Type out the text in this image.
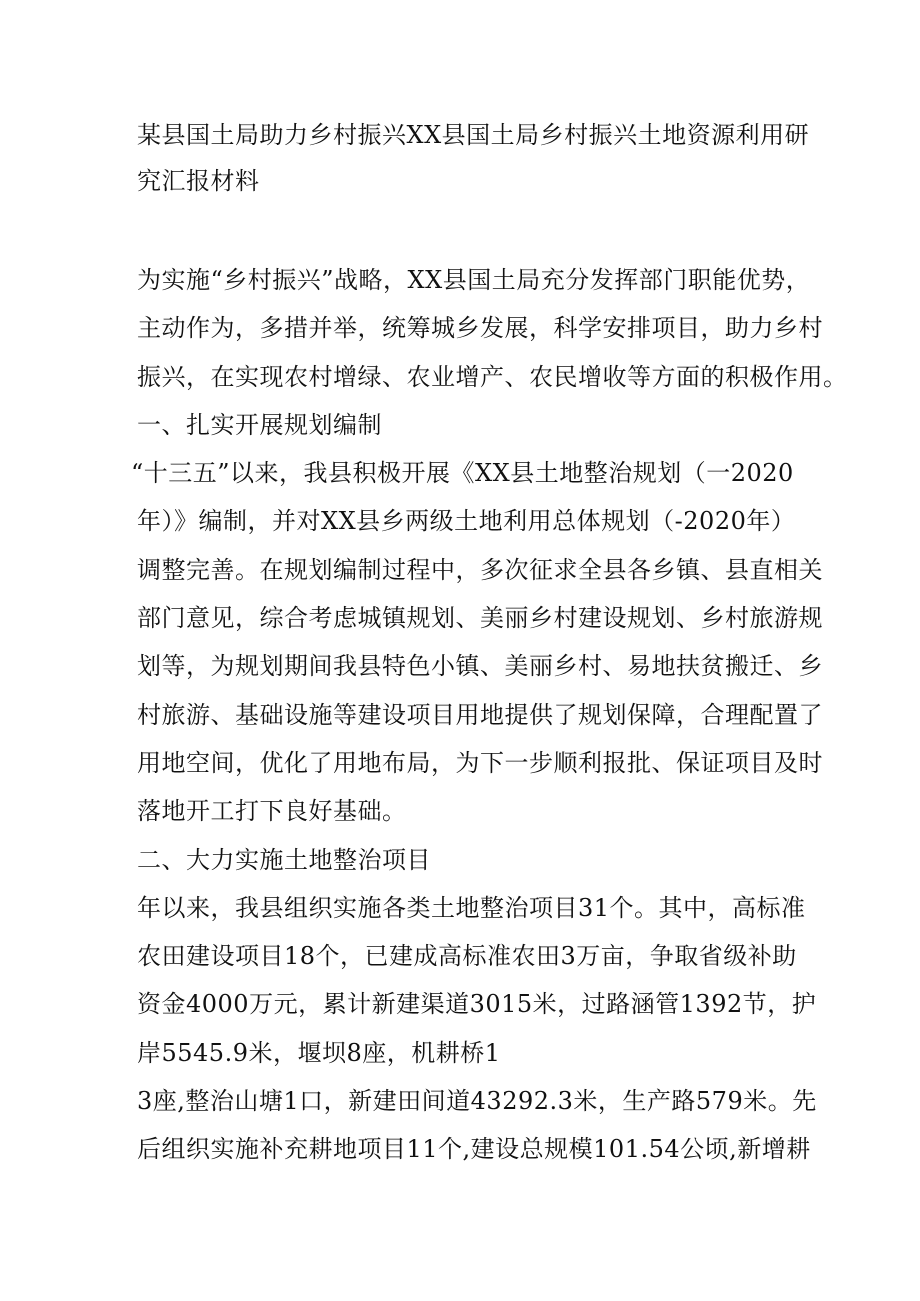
某县国土局助力乡村振兴XX县国土局乡村振兴土地资源利用研
究汇报材料
为实施“乡村振兴”战略，XX县国土局充分发挥部门职能优势，
主动作为，多措并举，统筹城乡发展，科学安排项目，助力乡村
振兴，在实现农村增绿、农业增产、农民增收等方面的积极作用。
一、扎实开展规划编制
“十三五”以来，我县积极开展《XX县土地整治规划（一2020
年）》编制，并对XX县乡两级土地利用总体规划（-2020年）
调整完善。在规划编制过程中，多次征求全县各乡镇、县直相关
部门意见，综合考虑城镇规划、美丽乡村建设规划、乡村旅游规
划等，为规划期间我县特色小镇、美丽乡村、易地扶贫搬迁、乡
村旅游、基础设施等建设项目用地提供了规划保障，合理配置了
用地空间，优化了用地布局，为下一步顺利报批、保证项目及时
落地开工打下良好基础。
二、大力实施土地整治项目
年以来，我县组织实施各类土地整治项目31个。其中，高标准
农田建设项目18个，已建成高标准农田3万亩，争取省级补助
资金4000万元，累计新建渠道3015米，过路涵管1392节，护
岸5545.9米，堰坝8座，机耕桥1
3座,整治山塘1口，新建田间道43292.3米，生产路579米。先
后组织实施补充耕地项目11个,建设总规模101.54公顷,新增耕
